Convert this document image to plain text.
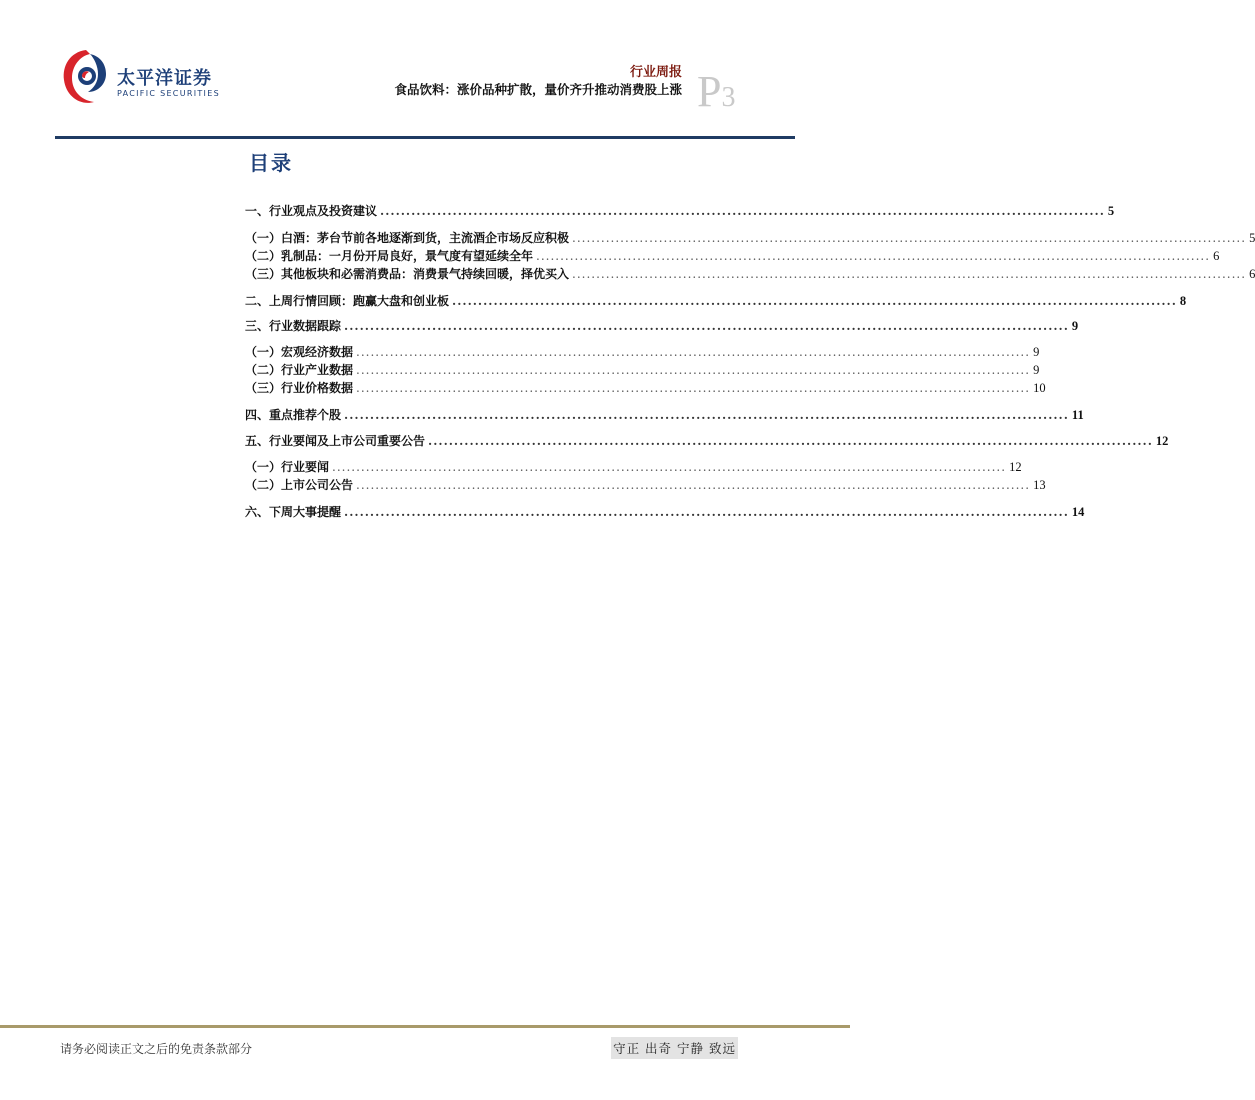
太平洋证券
PACIFIC SECURITIES
行业周报
食品饮料：涨价品种扩散，量价齐升推动消费股上涨 P3
目录
一、 行业观点及投资建议 ............................................................................................................................................ 5
（一） 白酒：茅台节前各地逐渐到货，主流酒企市场反应积极 ............................................................................................................................................ 5
（二） 乳制品：一月份开局良好，景气度有望延续全年 ............................................................................................................................................ 6
（三） 其他板块和必需消费品：消费景气持续回暖，择优买入 ............................................................................................................................................ 6
二、 上周行情回顾：跑赢大盘和创业板 ............................................................................................................................................ 8
三、 行业数据跟踪 ............................................................................................................................................ 9
（一） 宏观经济数据 ............................................................................................................................................ 9
（二） 行业产业数据 ............................................................................................................................................ 9
（三） 行业价格数据 ............................................................................................................................................ 10
四、 重点推荐个股 ............................................................................................................................................ 11
五、 行业要闻及上市公司重要公告 ............................................................................................................................................ 12
（一） 行业要闻 ............................................................................................................................................ 12
（二） 上市公司公告 ............................................................................................................................................ 13
六、 下周大事提醒 ............................................................................................................................................ 14
请务必阅读正文之后的免责条款部分	守正 出奇 宁静 致远
